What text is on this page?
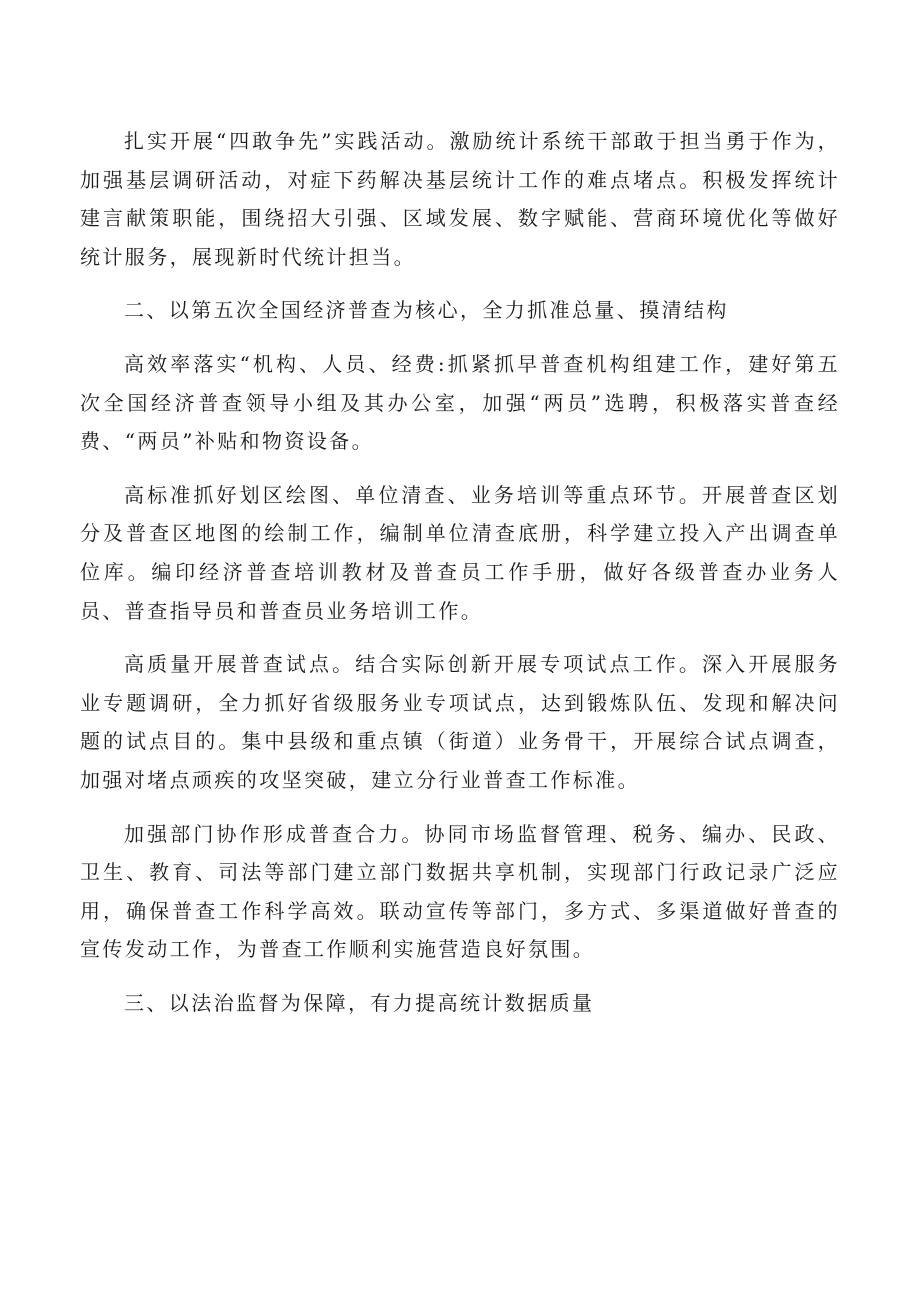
扎实开展“四敢争先”实践活动。激励统计系统干部敢于担当勇于作为，加强基层调研活动，对症下药解决基层统计工作的难点堵点。积极发挥统计建言献策职能，围绕招大引强、区域发展、数字赋能、营商环境优化等做好统计服务，展现新时代统计担当。

二、以第五次全国经济普查为核心，全力抓准总量、摸清结构

高效率落实“机构、人员、经费:抓紧抓早普查机构组建工作，建好第五次全国经济普查领导小组及其办公室，加强“两员”选聘，积极落实普查经费、“两员”补贴和物资设备。

高标准抓好划区绘图、单位清查、业务培训等重点环节。开展普查区划分及普查区地图的绘制工作，编制单位清查底册，科学建立投入产出调查单位库。编印经济普查培训教材及普查员工作手册，做好各级普查办业务人员、普查指导员和普查员业务培训工作。

高质量开展普查试点。结合实际创新开展专项试点工作。深入开展服务业专题调研，全力抓好省级服务业专项试点，达到锻炼队伍、发现和解决问题的试点目的。集中县级和重点镇（街道）业务骨干，开展综合试点调查，加强对堵点顽疾的攻坚突破，建立分行业普查工作标准。

加强部门协作形成普查合力。协同市场监督管理、税务、编办、民政、卫生、教育、司法等部门建立部门数据共享机制，实现部门行政记录广泛应用，确保普查工作科学高效。联动宣传等部门，多方式、多渠道做好普查的宣传发动工作，为普查工作顺利实施营造良好氛围。

三、以法治监督为保障，有力提高统计数据质量
